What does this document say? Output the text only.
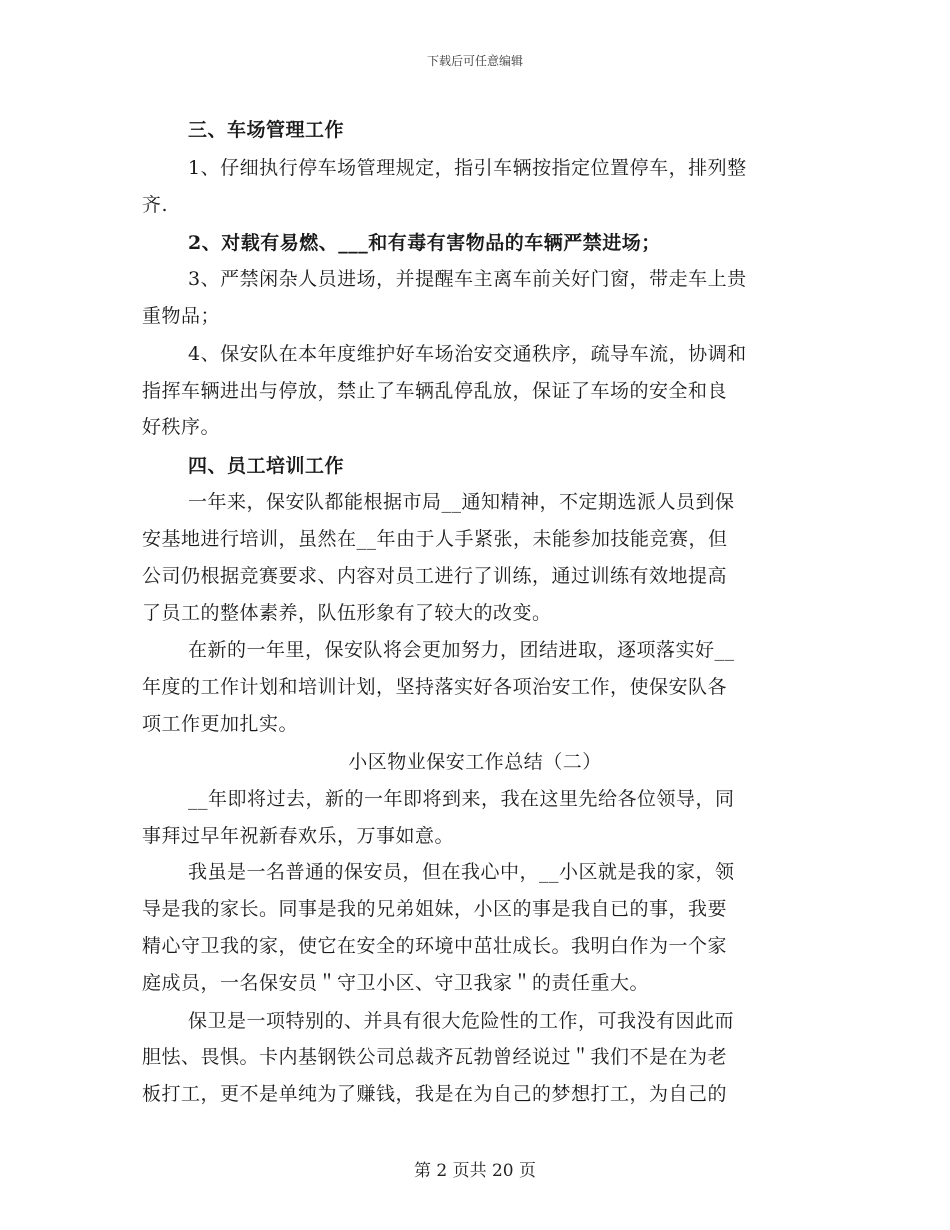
下载后可任意编辑
三、车场管理工作
1、仔细执行停车场管理规定，指引车辆按指定位置停车，排列整
齐.
2、对载有易燃、___和有毒有害物品的车辆严禁进场；
3、严禁闲杂人员进场，并提醒车主离车前关好门窗，带走车上贵
重物品；
4、保安队在本年度维护好车场治安交通秩序，疏导车流，协调和
指挥车辆进出与停放，禁止了车辆乱停乱放，保证了车场的安全和良
好秩序。
四、员工培训工作
一年来，保安队都能根据市局__通知精神，不定期选派人员到保
安基地进行培训，虽然在__年由于人手紧张，未能参加技能竞赛，但
公司仍根据竞赛要求、内容对员工进行了训练，通过训练有效地提高
了员工的整体素养，队伍形象有了较大的改变。
在新的一年里，保安队将会更加努力，团结进取，逐项落实好__
年度的工作计划和培训计划，坚持落实好各项治安工作，使保安队各
项工作更加扎实。
小区物业保安工作总结（二）
__年即将过去，新的一年即将到来，我在这里先给各位领导，同
事拜过早年祝新春欢乐，万事如意。
我虽是一名普通的保安员，但在我心中，__小区就是我的家，领
导是我的家长。同事是我的兄弟姐妹，小区的事是我自已的事，我要
精心守卫我的家，使它在安全的环境中茁壮成长。我明白作为一个家
庭成员，一名保安员＂守卫小区、守卫我家＂的责任重大。
保卫是一项特别的、并具有很大危险性的工作，可我没有因此而
胆怯、畏惧。卡内基钢铁公司总裁齐瓦勃曾经说过＂我们不是在为老
板打工，更不是单纯为了赚钱，我是在为自己的梦想打工，为自己的
第 2 页共 20 页
